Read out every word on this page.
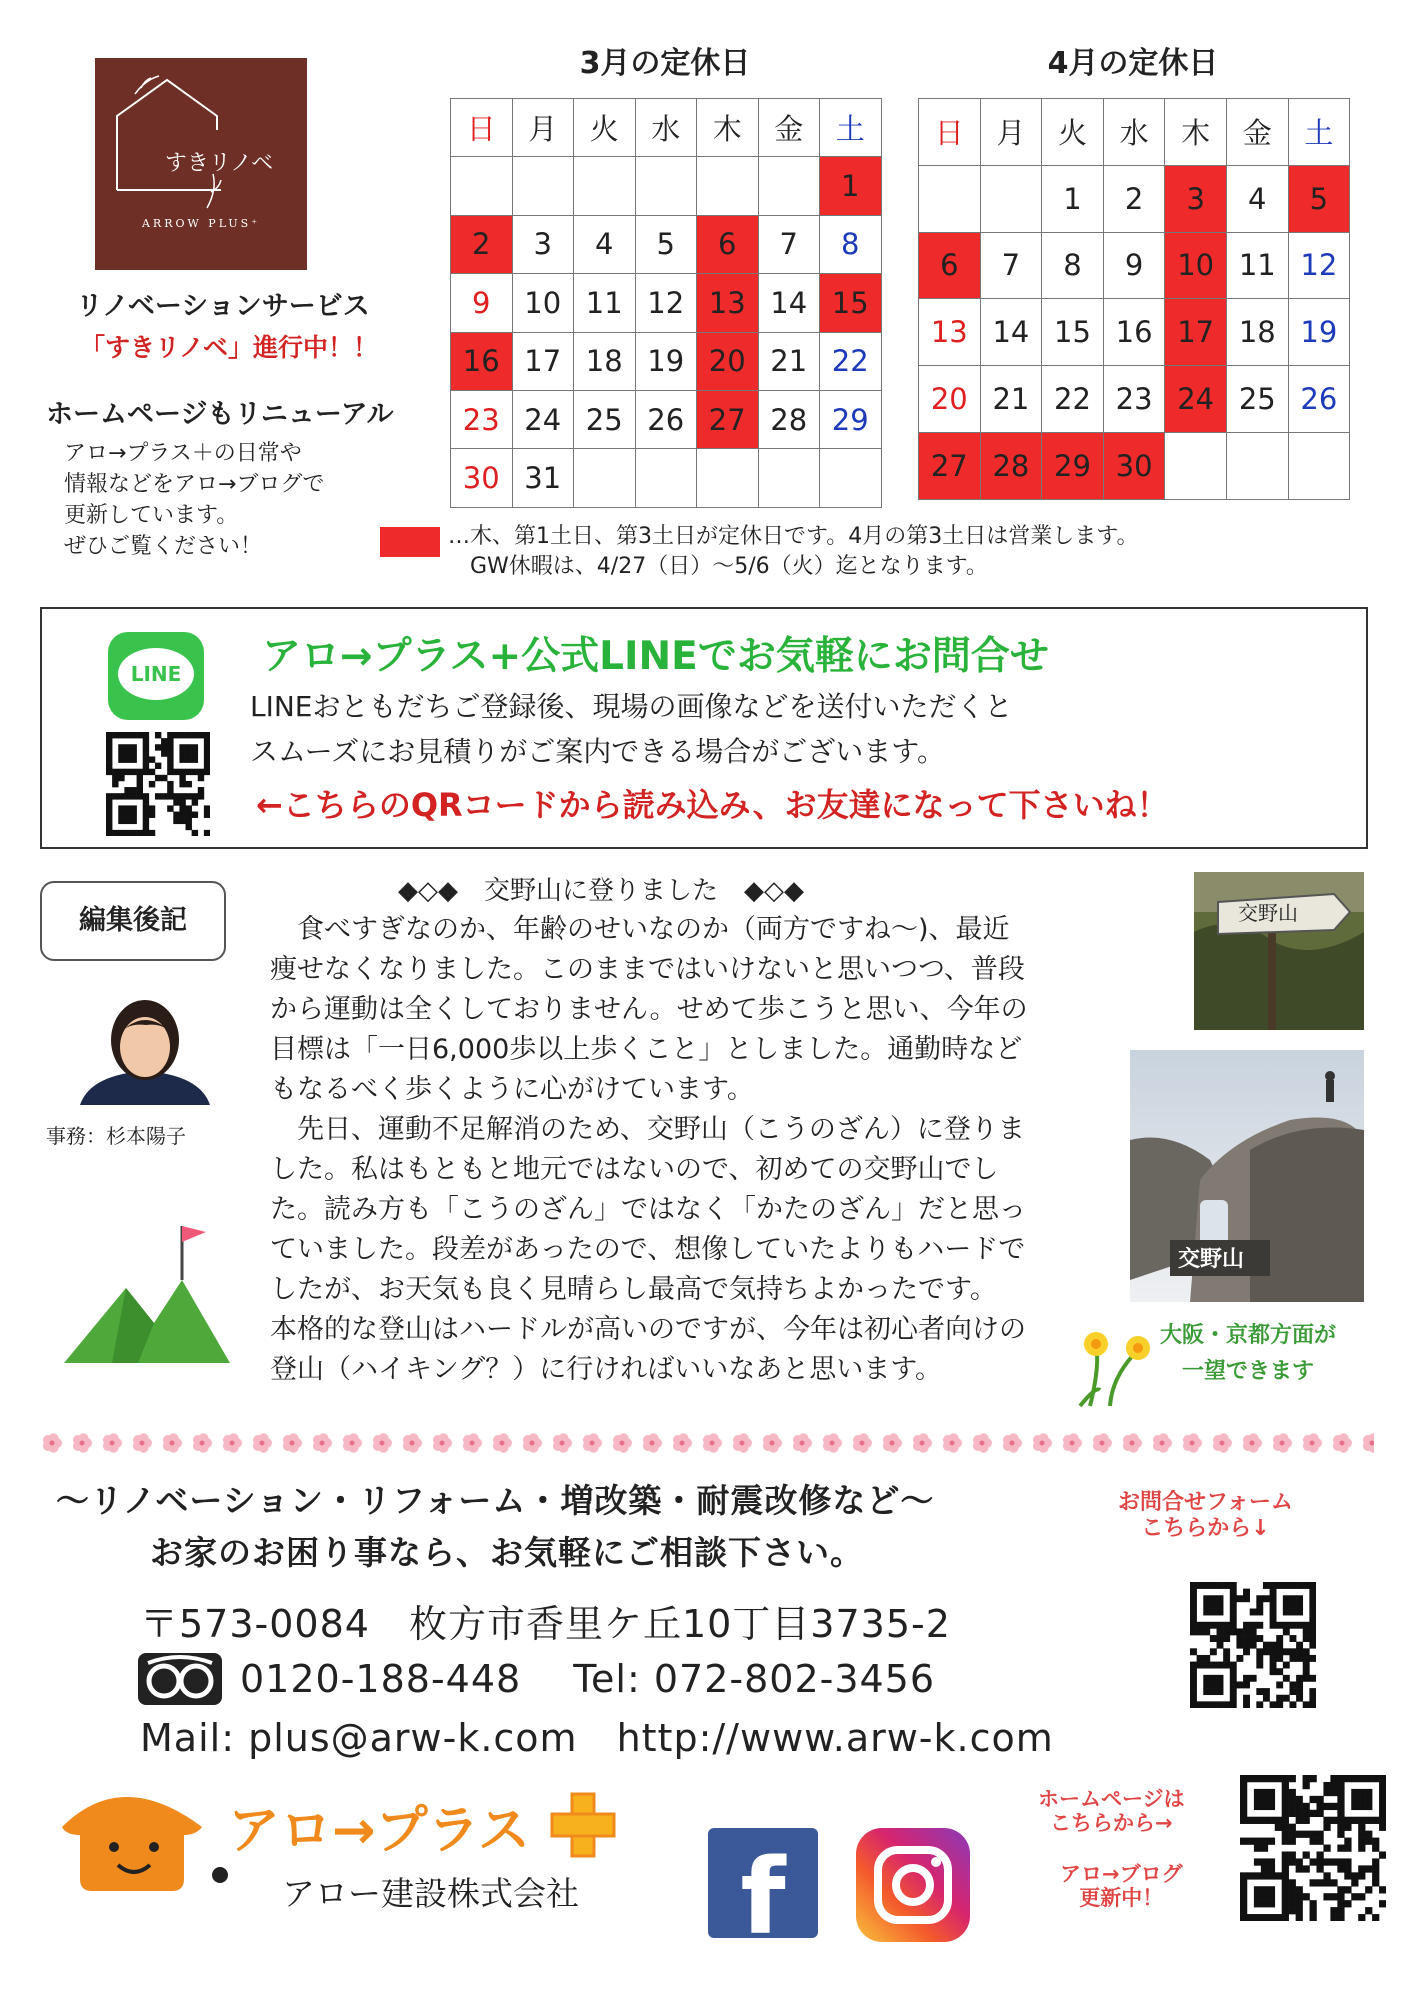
すきリノベ
ARROW PLUS⁺
リノベーションサービス
「すきリノベ」進行中！！
ホームページもリニューアル
アロ→プラス＋の日常や
情報などをアロ→ブログで
更新しています。
ぜひご覧ください！
3月の定休日	4月の定休日
日	月	火	水	木	金	土
						1
2	3	4	5	6	7	8
9	10	11	12	13	14	15
16	17	18	19	20	21	22
23	24	25	26	27	28	29
30	31					
日	月	火	水	木	金	土
		1	2	3	4	5
6	7	8	9	10	11	12
13	14	15	16	17	18	19
20	21	22	23	24	25	26
27	28	29	30			
…木、第1土日、第3土日が定休日です。4月の第3土日は営業します。
　GW休暇は、4/27（日）～5/6（火）迄となります。
LINE	アロ→プラス+公式LINEでお気軽にお問合せ
LINEおともだちご登録後、現場の画像などを送付いただくと
スムーズにお見積りがご案内できる場合がございます。
←こちらのQRコードから読み込み、お友達になって下さいね！
編集後記
事務：杉本陽子
◆◇◆　交野山に登りました　◆◇◆
　食べすぎなのか、年齢のせいなのか（両方ですね～)、最近
痩せなくなりました。このままではいけないと思いつつ、普段
から運動は全くしておりません。せめて歩こうと思い、今年の
目標は「一日6,000歩以上歩くこと」としました。通勤時など
もなるべく歩くように心がけています。
　先日、運動不足解消のため、交野山（こうのざん）に登りま
した。私はもともと地元ではないので、初めての交野山でし
た。読み方も「こうのざん」ではなく「かたのざん」だと思っ
ていました。段差があったので、想像していたよりもハードで
したが、お天気も良く見晴らし最高で気持ちよかったです。
本格的な登山はハードルが高いのですが、今年は初心者向けの
登山（ハイキング？）に行ければいいなあと思います。
交野山
交野山
大阪・京都方面が
一望できます
～リノベーション・リフォーム・増改築・耐震改修など～
お家のお困り事なら、お気軽にご相談下さい。
〒573-0084　枚方市香里ケ丘10丁目3735-2
0120-188-448　 Tel: 072-802-3456
Mail: plus@arw-k.com　http://www.arw-k.com
お問合せフォーム
こちらから↓
ホームページは
こちらから→
アロ→ブログ
更新中！
アロ→プラス
アロー建設株式会社	f
